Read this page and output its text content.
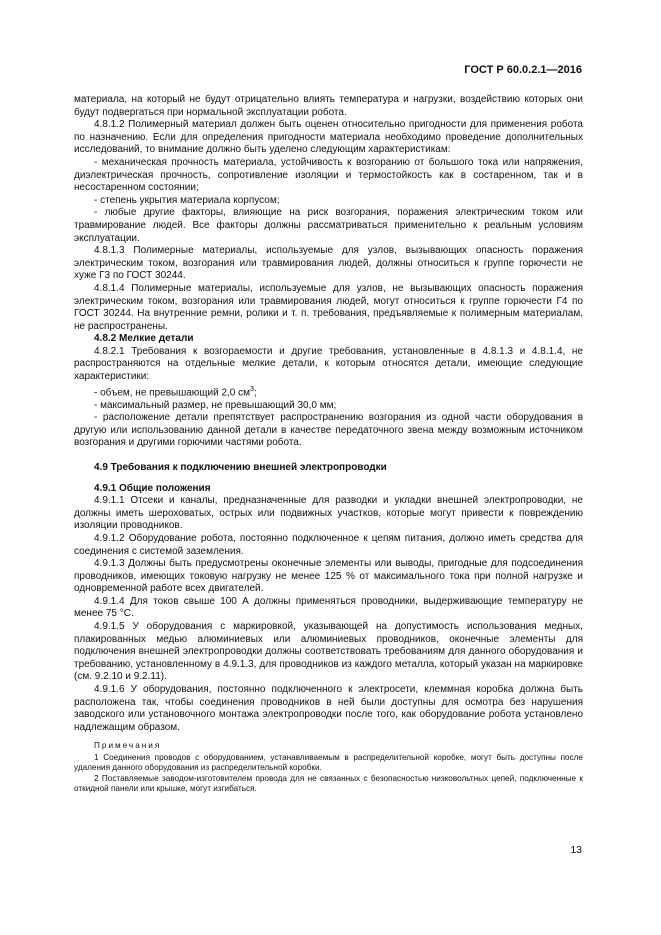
ГОСТ Р 60.0.2.1—2016

материала, на который не будут отрицательно влиять температура и нагрузки, воздействию которых они будут подвергаться при нормальной эксплуатации робота.

4.8.1.2 Полимерный материал должен быть оценен относительно пригодности для применения робота по назначению. Если для определения пригодности материала необходимо проведение дополнительных исследований, то внимание должно быть уделено следующим характеристикам:

- механическая прочность материала, устойчивость к возгоранию от большого тока или напряжения, диэлектрическая прочность, сопротивление изоляции и термостойкость как в состаренном, так и в несостаренном состоянии;

- степень укрытия материала корпусом;

- любые другие факторы, влияющие на риск возгорания, поражения электрическим током или травмирование людей. Все факторы должны рассматриваться применительно к реальным условиям эксплуатации.

4.8.1.3 Полимерные материалы, используемые для узлов, вызывающих опасность поражения электрическим током, возгорания или травмирования людей, должны относиться к группе горючести не хуже Г3 по ГОСТ 30244.

4.8.1.4 Полимерные материалы, используемые для узлов, не вызывающих опасность поражения электрическим током, возгорания или травмирования людей, могут относиться к группе горючести Г4 по ГОСТ 30244. На внутренние ремни, ролики и т. п. требования, предъявляемые к полимерным материалам, не распространены.

4.8.2 Мелкие детали

4.8.2.1 Требования к возгораемости и другие требования, установленные в 4.8.1.3 и 4.8.1.4, не распространяются на отдельные мелкие детали, к которым относятся детали, имеющие следующие характеристики:

- объем, не превышающий 2,0 $см^3$;

- максимальный размер, не превышающий 30,0 мм;

- расположение детали препятствует распространению возгорания из одной части оборудования в другую или использованию данной детали в качестве передаточного звена между возможным источником возгорания и другими горючими частями робота.

4.9 Требования к подключению внешней электропроводки

4.9.1 Общие положения

4.9.1.1 Отсеки и каналы, предназначенные для разводки и укладки внешней электропроводки, не должны иметь шероховатых, острых или подвижных участков, которые могут привести к повреждению изоляции проводников.

4.9.1.2 Оборудование робота, постоянно подключенное к цепям питания, должно иметь средства для соединения с системой заземления.

4.9.1.3 Должны быть предусмотрены оконечные элементы или выводы, пригодные для подсоединения проводников, имеющих токовую нагрузку не менее 125 % от максимального тока при полной нагрузке и одновременной работе всех двигателей.

4.9.1.4 Для токов свыше 100 А должны применяться проводники, выдерживающие температуру не менее 75 °С.

4.9.1.5 У оборудования с маркировкой, указывающей на допустимость использования медных, плакированных медью алюминиевых или алюминиевых проводников, оконечные элементы для подключения внешней электропроводки должны соответствовать требованиям для данного оборудования и требованию, установленному в 4.9.1.3, для проводников из каждого металла, который указан на маркировке (см. 9.2.10 и 9.2.11).

4.9.1.6 У оборудования, постоянно подключенного к электросети, клеммная коробка должна быть расположена так, чтобы соединения проводников в ней были доступны для осмотра без нарушения заводского или установочного монтажа электропроводки после того, как оборудование робота установлено надлежащим образом.

Примечания

1 Соединения проводов с оборудованием, устанавливаемым в распределительной коробке, могут быть доступны после удаления данного оборудования из распределительной коробки.

2 Поставляемые заводом-изготовителем провода для не связанных с безопасностью низковольтных цепей, подключенные к откидной панели или крышке, могут изгибаться.

13
